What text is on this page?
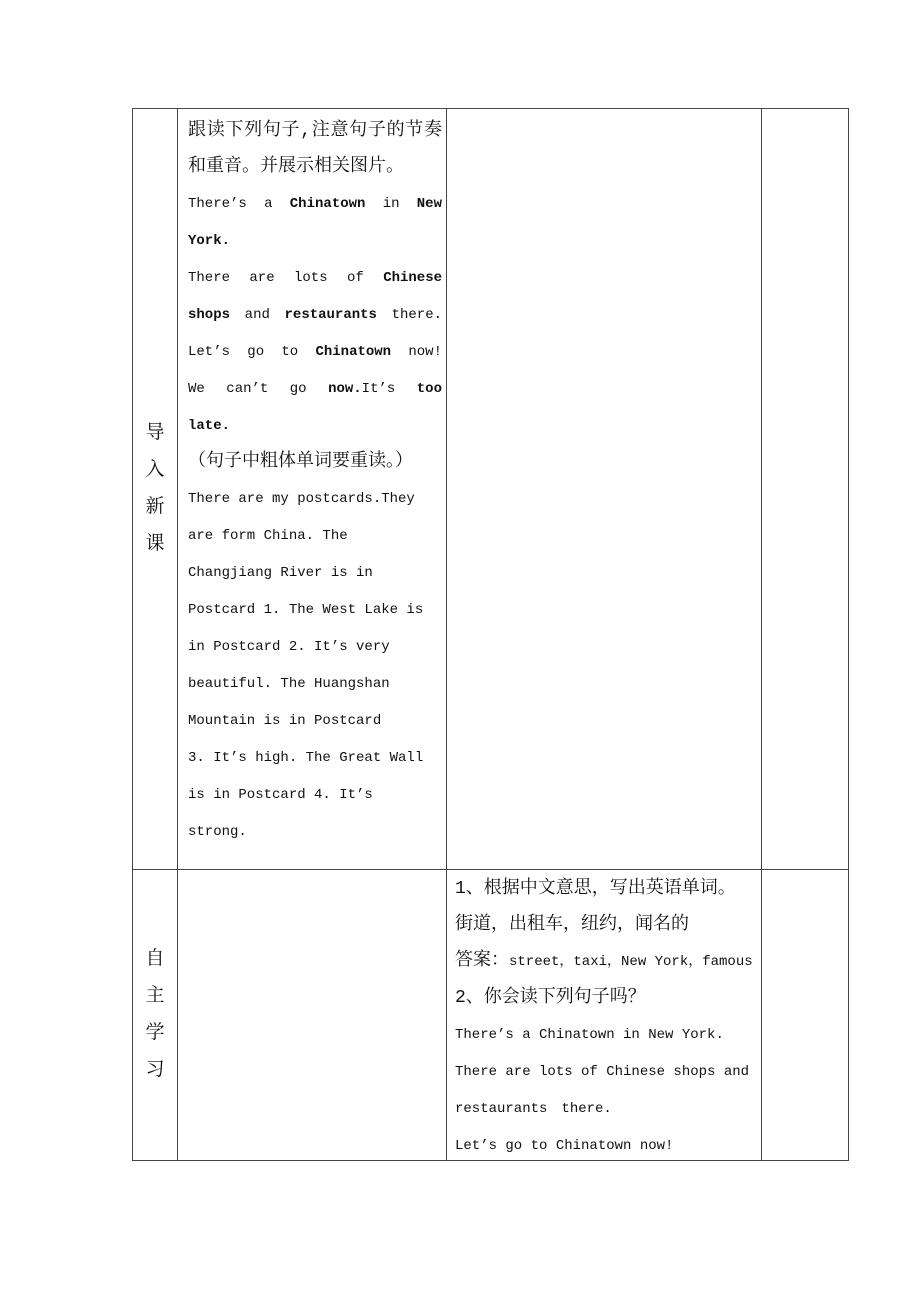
导
入
新
课
跟读下列句子,注意句子的节奏
和重音。并展示相关图片。
There’s a Chinatown in New
York.
There are lots of Chinese
shops and restaurants there.
Let’s go to Chinatown now!
We can’t go now.It’s too
late.
（句子中粗体单词要重读。）
There are my postcards.They
are form China. The
Changjiang River is in
Postcard 1. The West Lake is
in Postcard 2. It’s very
beautiful. The Huangshan
Mountain is in Postcard
3. It’s high. The Great Wall
is in Postcard 4. It’s
strong.
自
主
学
习
1、根据中文意思，写出英语单词。
街道，出租车，纽约，闻名的
答案：street，taxi，New York，famous
2、你会读下列句子吗？
There’s a Chinatown in New York.
There are lots of Chinese shops and
restaurants　there.
Let’s go to Chinatown now!
